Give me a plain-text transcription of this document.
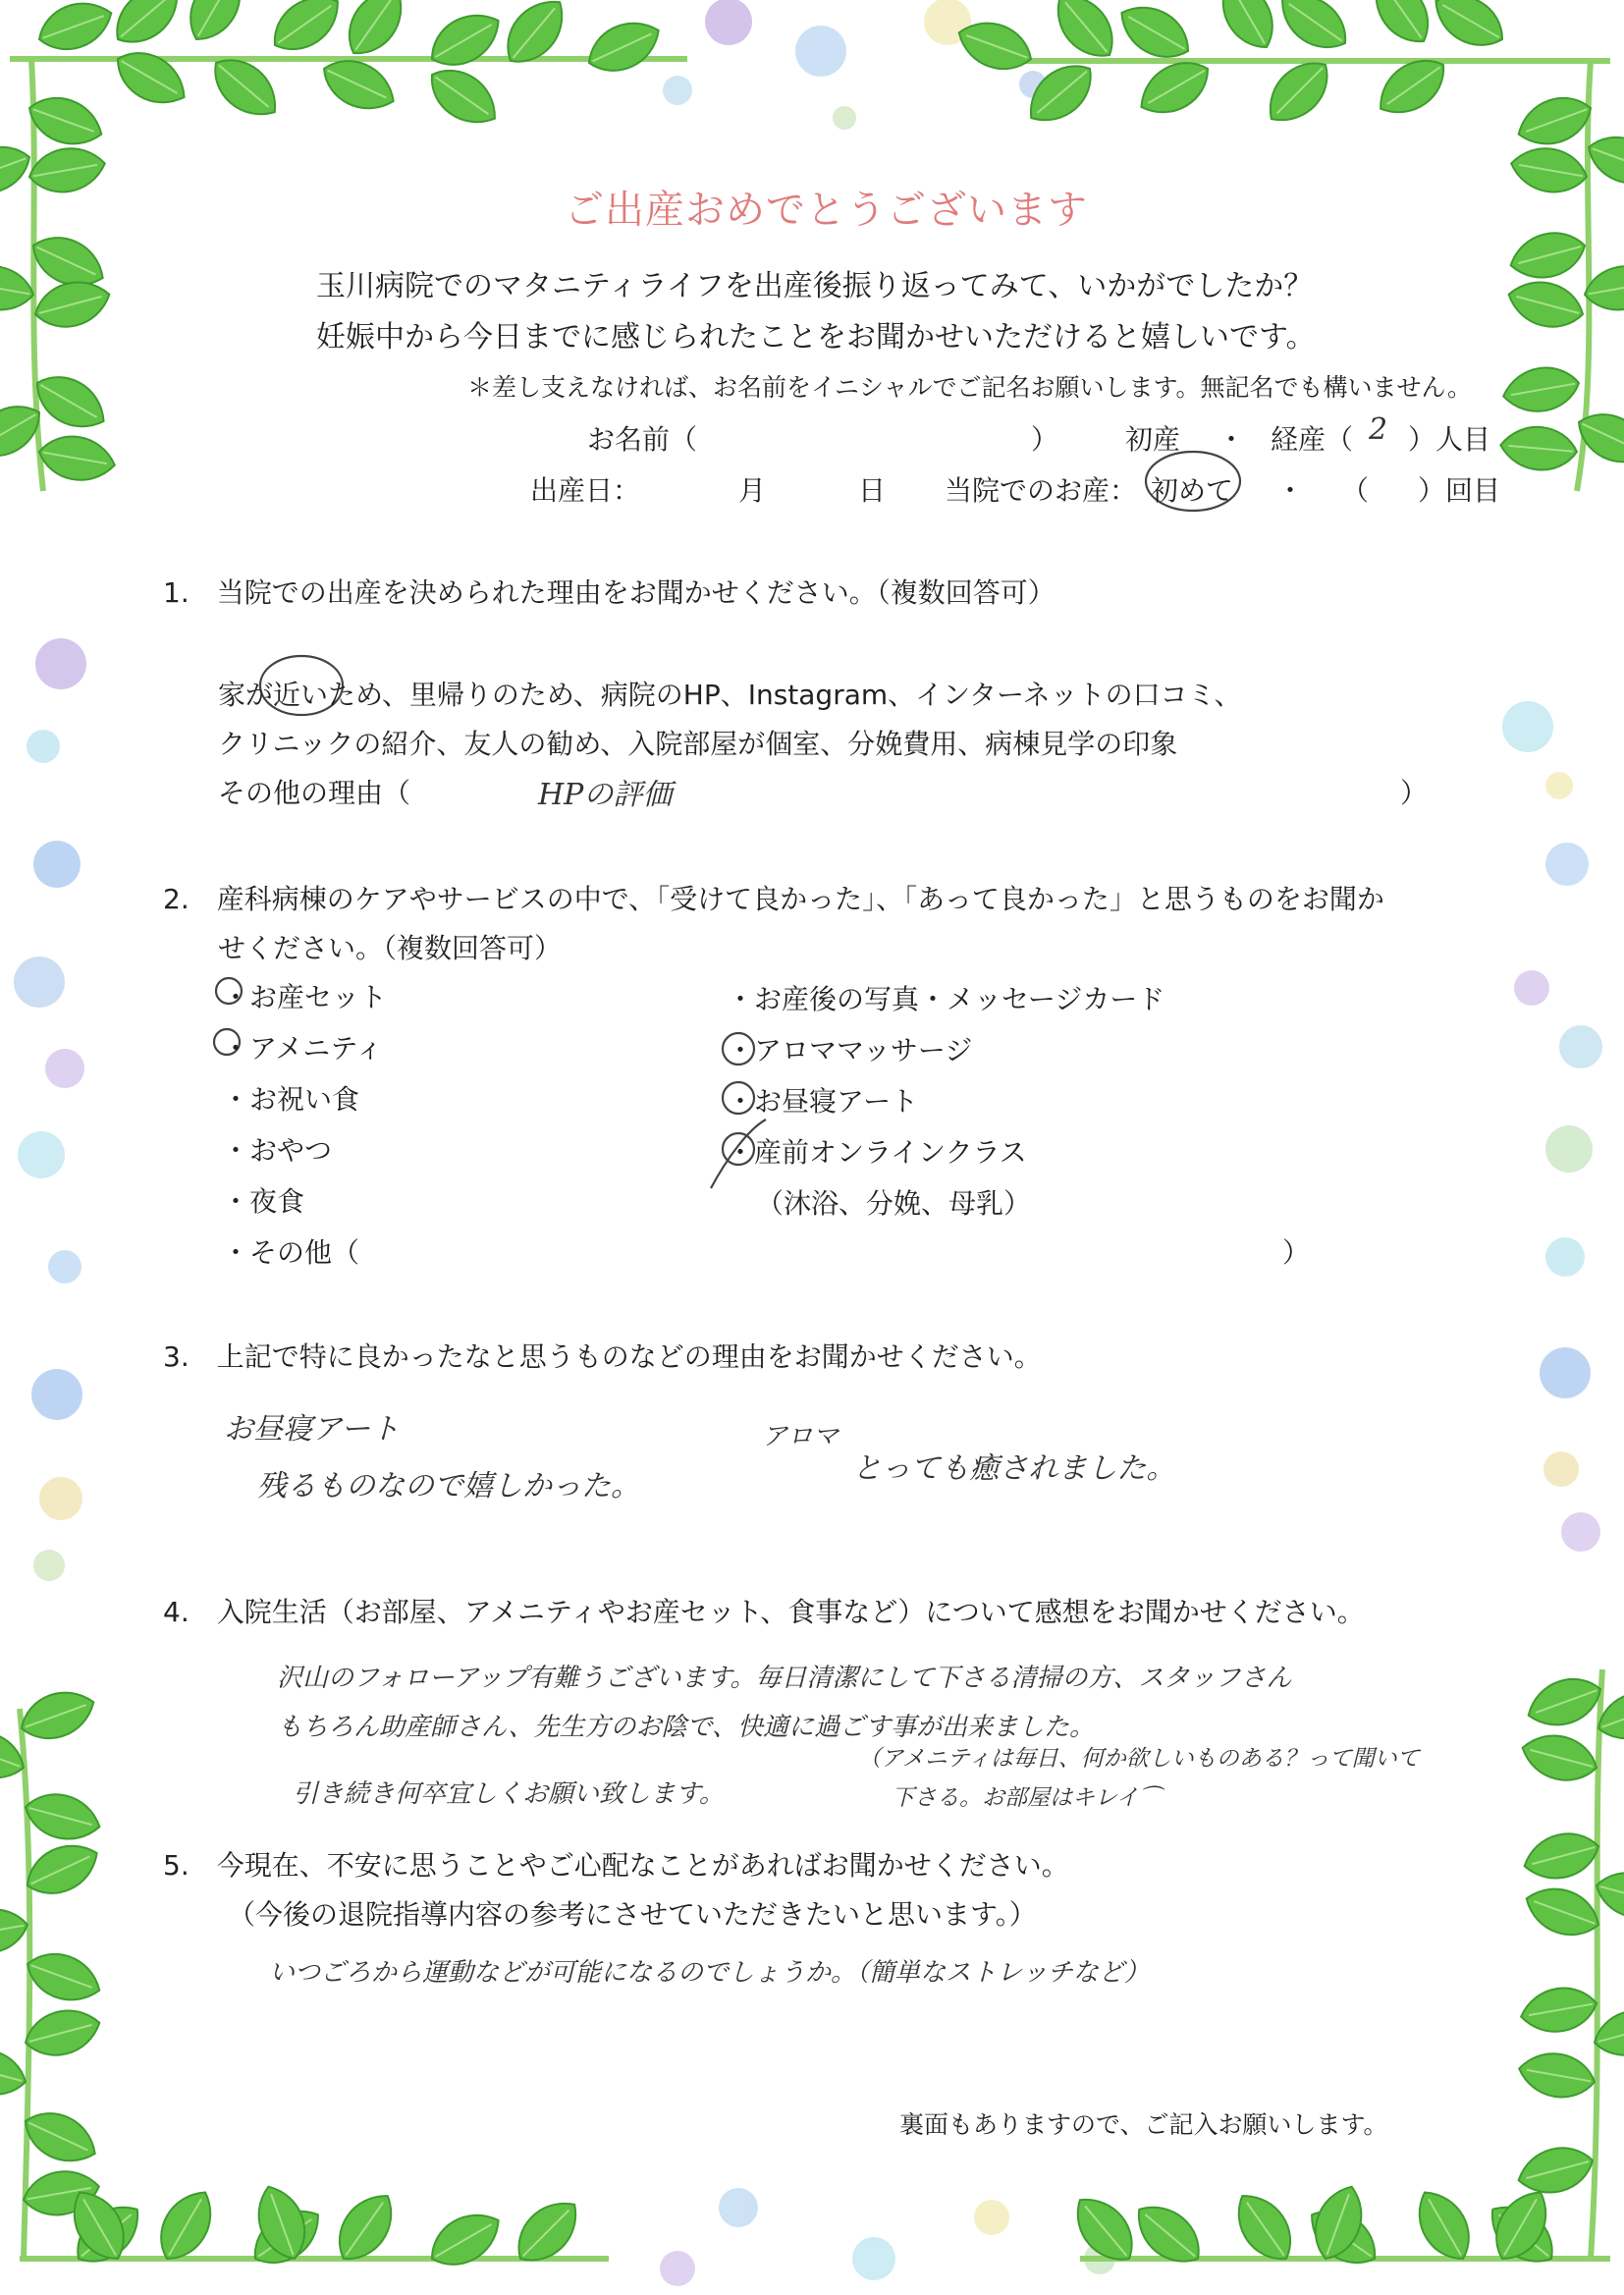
ご出産おめでとうございます
玉川病院でのマタニティライフを出産後振り返ってみて、いかがでしたか？
妊娠中から今日までに感じられたことをお聞かせいただけると嬉しいです。
＊差し支えなければ、お名前をイニシャルでご記名お願いします。無記名でも構いません。
お名前（	） 初産 ・ 経産（ 2 ）人目
出産日：	月	日 当院でのお産： 初めて ・ （ ）回目
1.　当院での出産を決められた理由をお聞かせください。（複数回答可）
家が近いため、里帰りのため、病院のHP、Instagram、インターネットの口コミ、
クリニックの紹介、友人の勧め、入院部屋が個室、分娩費用、病棟見学の印象
その他の理由（	HPの評価	）
2.　産科病棟のケアやサービスの中で、「受けて良かった」、「あって良かった」と思うものをお聞か
せください。（複数回答可）
・お産セット
・アメニティ
・お祝い食
・おやつ
・夜食
・その他（	）
・お産後の写真・メッセージカード
・アロママッサージ
・お昼寝アート
・産前オンラインクラス
（沐浴、分娩、母乳）
3.　上記で特に良かったなと思うものなどの理由をお聞かせください。
お昼寝アート
残るものなので嬉しかった。
アロマ
とっても癒されました。
4.　入院生活（お部屋、アメニティやお産セット、食事など）について感想をお聞かせください。
沢山のフォローアップ有難うございます。毎日清潔にして下さる清掃の方、スタッフさん
もちろん助産師さん、先生方のお陰で、快適に過ごす事が出来ました。
引き続き何卒宜しくお願い致します。
（アメニティは毎日、何か欲しいものある？って聞いて
下さる。お部屋はキレイ⌒
5.　今現在、不安に思うことやご心配なことがあればお聞かせください。
（今後の退院指導内容の参考にさせていただきたいと思います。）
いつごろから運動などが可能になるのでしょうか。（簡単なストレッチなど）
裏面もありますので、ご記入お願いします。
